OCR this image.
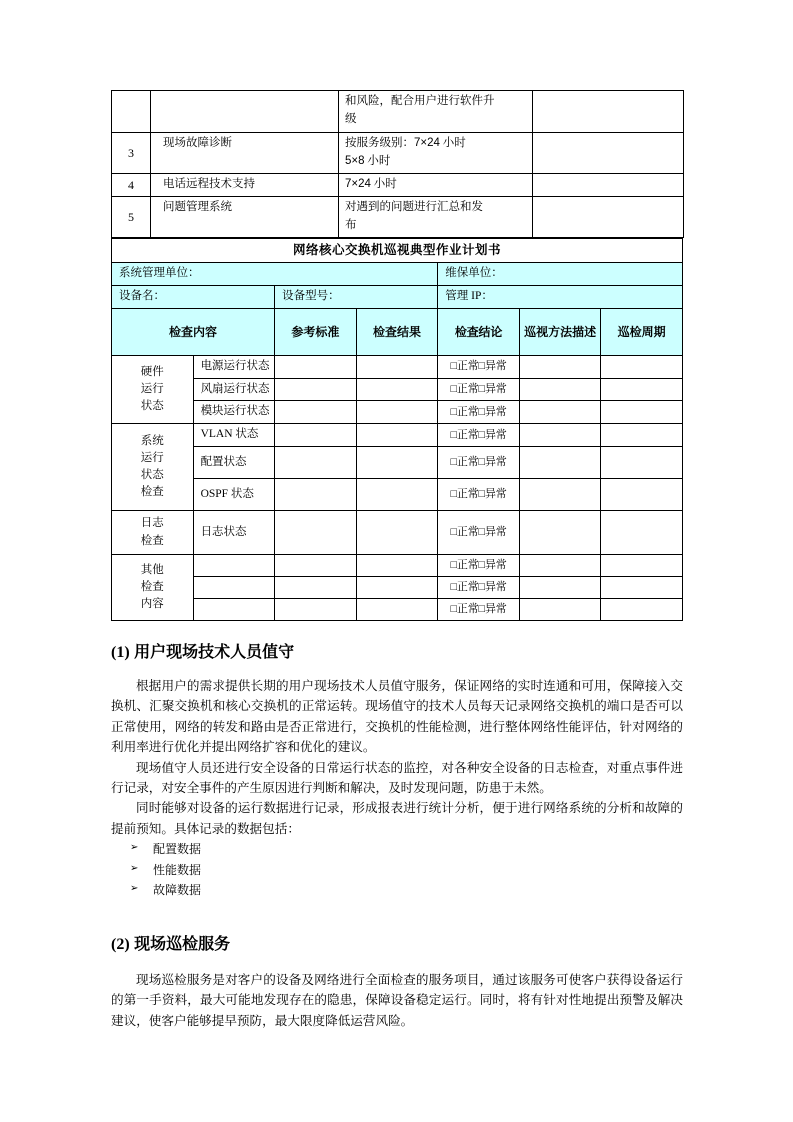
		和风险，配合用户进行软件升
级	
3	现场故障诊断	按服务级别：7×24 小时
5×8 小时	
4	电话远程技术支持	7×24 小时	
5	问题管理系统	对遇到的问题进行汇总和发
布	
网络核心交换机巡视典型作业计划书						
系统管理单位：				维保单位：		
设备名：		设备型号：		管理 IP：		
检查内容		参考标准	检查结果	检查结论	巡视方法描述	巡检周期

硬件
运行
状态	电源运行状态			□正常□异常		
	风扇运行状态			□正常□异常		
	模块运行状态			□正常□异常		

系统
运行
状态
检查	VLAN 状态			□正常□异常		
	配置状态			□正常□异常		
	OSPF 状态			□正常□异常		

日志
检查	日志状态			□正常□异常		

其他
检查
内容				□正常□异常		
				□正常□异常		
				□正常□异常		
(1) 用户现场技术人员值守

根据用户的需求提供长期的用户现场技术人员值守服务，保证网络的实时连通和可用，保障接入交换机、汇聚交换机和核心交换机的正常运转。现场值守的技术人员每天记录网络交换机的端口是否可以正常使用，网络的转发和路由是否正常进行，交换机的性能检测，进行整体网络性能评估，针对网络的利用率进行优化并提出网络扩容和优化的建议。

现场值守人员还进行安全设备的日常运行状态的监控，对各种安全设备的日志检查，对重点事件进行记录，对安全事件的产生原因进行判断和解决，及时发现问题，防患于未然。

同时能够对设备的运行数据进行记录，形成报表进行统计分析，便于进行网络系统的分析和故障的提前预知。具体记录的数据包括：

➢ 配置数据
➢ 性能数据
➢ 故障数据
(2) 现场巡检服务

现场巡检服务是对客户的设备及网络进行全面检查的服务项目，通过该服务可使客户获得设备运行的第一手资料，最大可能地发现存在的隐患，保障设备稳定运行。同时，将有针对性地提出预警及解决建议，使客户能够提早预防，最大限度降低运营风险。
